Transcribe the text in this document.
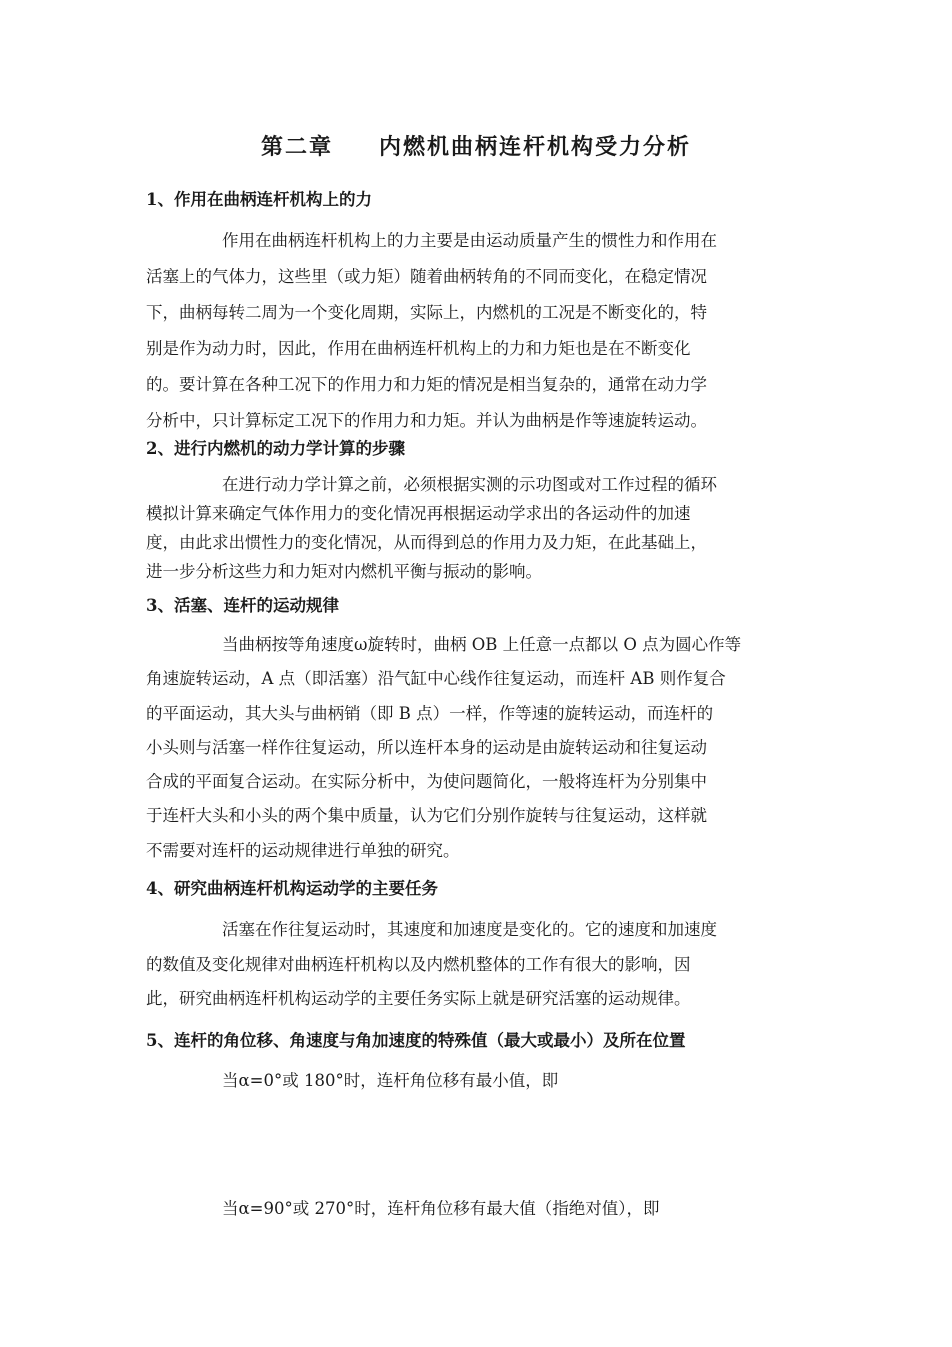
第二章 内燃机曲柄连杆机构受力分析
1、作用在曲柄连杆机构上的力
作用在曲柄连杆机构上的力主要是由运动质量产生的惯性力和作用在
活塞上的气体力，这些里（或力矩）随着曲柄转角的不同而变化，在稳定情况
下，曲柄每转二周为一个变化周期，实际上，内燃机的工况是不断变化的，特
别是作为动力时，因此，作用在曲柄连杆机构上的力和力矩也是在不断变化
的。要计算在各种工况下的作用力和力矩的情况是相当复杂的，通常在动力学
分析中，只计算标定工况下的作用力和力矩。并认为曲柄是作等速旋转运动。
2、进行内燃机的动力学计算的步骤
在进行动力学计算之前，必须根据实测的示功图或对工作过程的循环
模拟计算来确定气体作用力的变化情况再根据运动学求出的各运动件的加速
度，由此求出惯性力的变化情况，从而得到总的作用力及力矩，在此基础上，
进一步分析这些力和力矩对内燃机平衡与振动的影响。
3、活塞、连杆的运动规律
当曲柄按等角速度ω旋转时，曲柄 OB 上任意一点都以 O 点为圆心作等
角速旋转运动，A 点（即活塞）沿气缸中心线作往复运动，而连杆 AB 则作复合
的平面运动，其大头与曲柄销（即 B 点）一样，作等速的旋转运动，而连杆的
小头则与活塞一样作往复运动，所以连杆本身的运动是由旋转运动和往复运动
合成的平面复合运动。在实际分析中，为使问题简化，一般将连杆为分别集中
于连杆大头和小头的两个集中质量，认为它们分别作旋转与往复运动，这样就
不需要对连杆的运动规律进行单独的研究。
4、研究曲柄连杆机构运动学的主要任务
活塞在作往复运动时，其速度和加速度是变化的。它的速度和加速度
的数值及变化规律对曲柄连杆机构以及内燃机整体的工作有很大的影响，因
此，研究曲柄连杆机构运动学的主要任务实际上就是研究活塞的运动规律。
5、连杆的角位移、角速度与角加速度的特殊值（最大或最小）及所在位置
当α=0°或 180°时，连杆角位移有最小值，即
当α=90°或 270°时，连杆角位移有最大值（指绝对值），即
